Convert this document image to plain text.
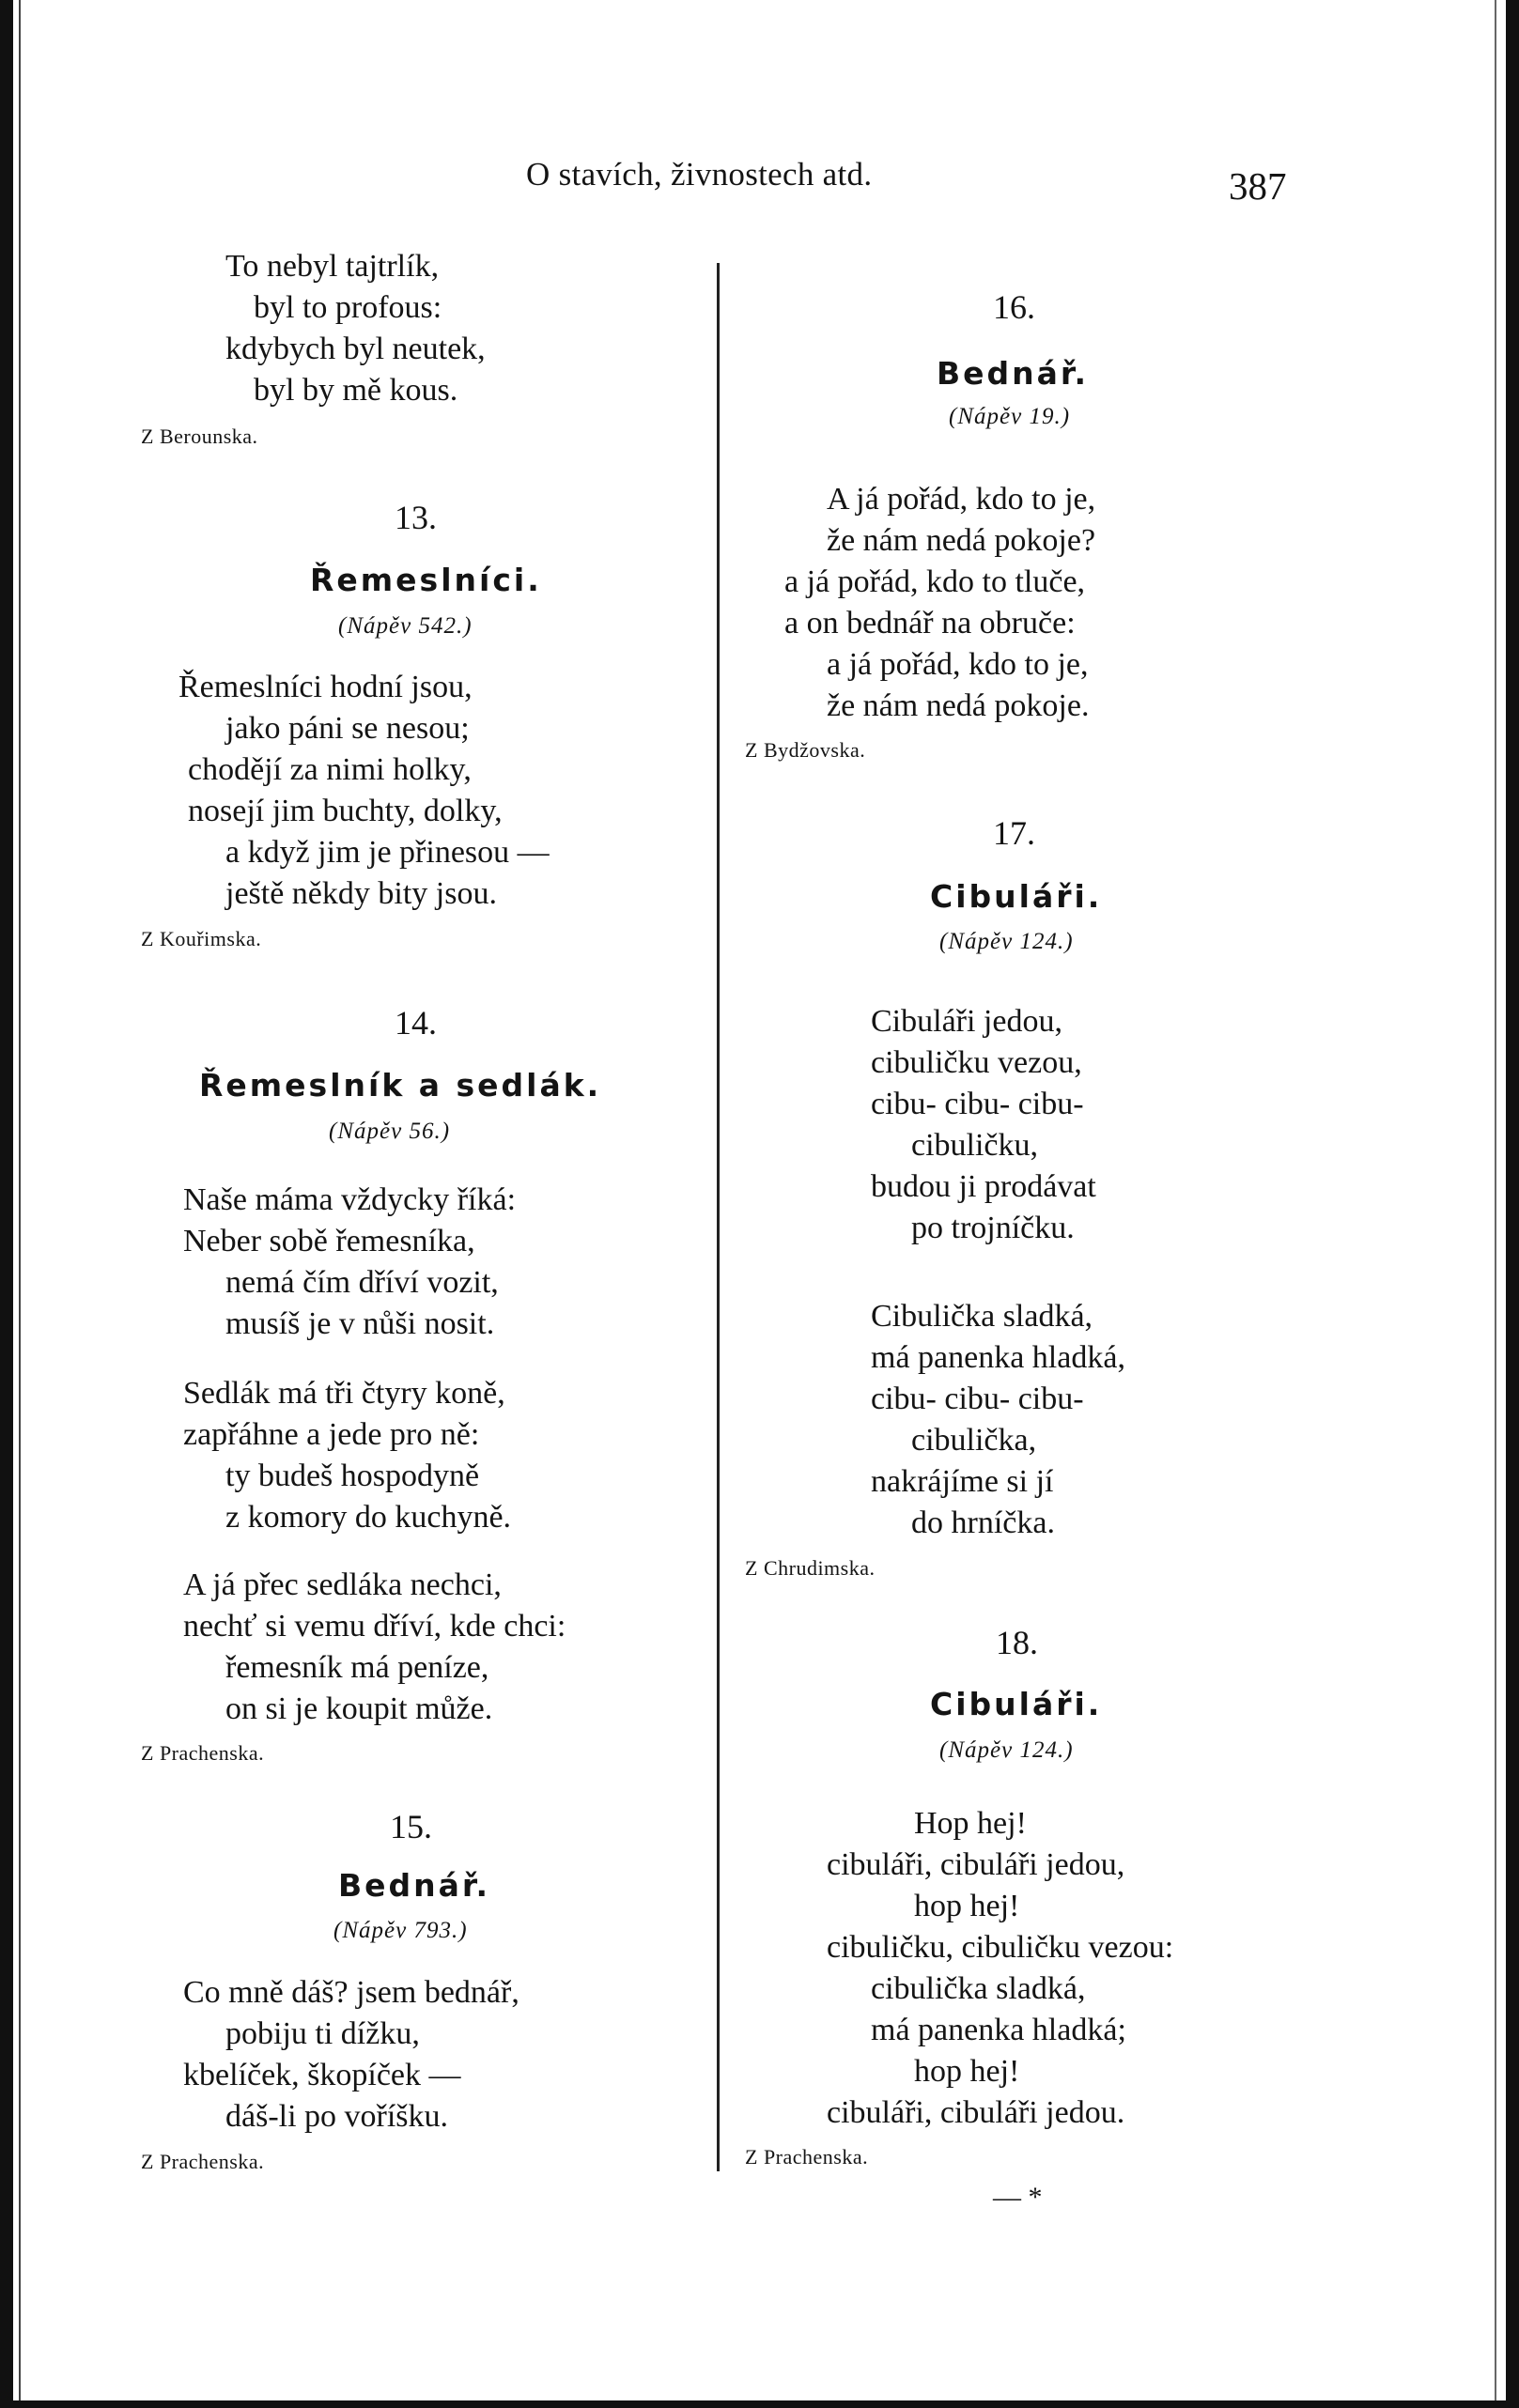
O stavích, živnostech atd.	387
To nebyl tajtrlík,
byl to profous:
kdybych byl neutek,
byl by mě kous.
Z Berounska.
13.
Řemeslníci.
(Nápěv 542.)
Řemeslníci hodní jsou,
jako páni se nesou;
chodějí za nimi holky,
nosejí jim buchty, dolky,
a když jim je přinesou —
ještě někdy bity jsou.
Z Kouřimska.
14.
Řemeslník a sedlák.
(Nápěv 56.)
Naše máma vždycky říká:
Neber sobě řemesníka,
nemá čím dříví vozit,
musíš je v nůši nosit.
Sedlák má tři čtyry koně,
zapřáhne a jede pro ně:
ty budeš hospodyně
z komory do kuchyně.
A já přec sedláka nechci,
nechť si vemu dříví, kde chci:
řemesník má peníze,
on si je koupit může.
Z Prachenska.
15.
Bednář.
(Nápěv 793.)
Co mně dáš? jsem bednář,
pobiju ti dížku,
kbelíček, škopíček —
dáš-li po voříšku.
Z Prachenska.
16.
Bednář.
(Nápěv 19.)
A já pořád, kdo to je,
že nám nedá pokoje?
a já pořád, kdo to tluče,
a on bednář na obruče:
a já pořád, kdo to je,
že nám nedá pokoje.
Z Bydžovska.
17.
Cibuláři.
(Nápěv 124.)
Cibuláři jedou,
cibuličku vezou,
cibu- cibu- cibu-
cibuličku,
budou ji prodávat
po trojníčku.
Cibulička sladká,
má panenka hladká,
cibu- cibu- cibu-
cibulička,
nakrájíme si jí
do hrníčka.
Z Chrudimska.
18.
Cibuláři.
(Nápěv 124.)
Hop hej!
cibuláři, cibuláři jedou,
hop hej!
cibuličku, cibuličku vezou:
cibulička sladká,
má panenka hladká;
hop hej!
cibuláři, cibuláři jedou.
Z Prachenska.
— *
